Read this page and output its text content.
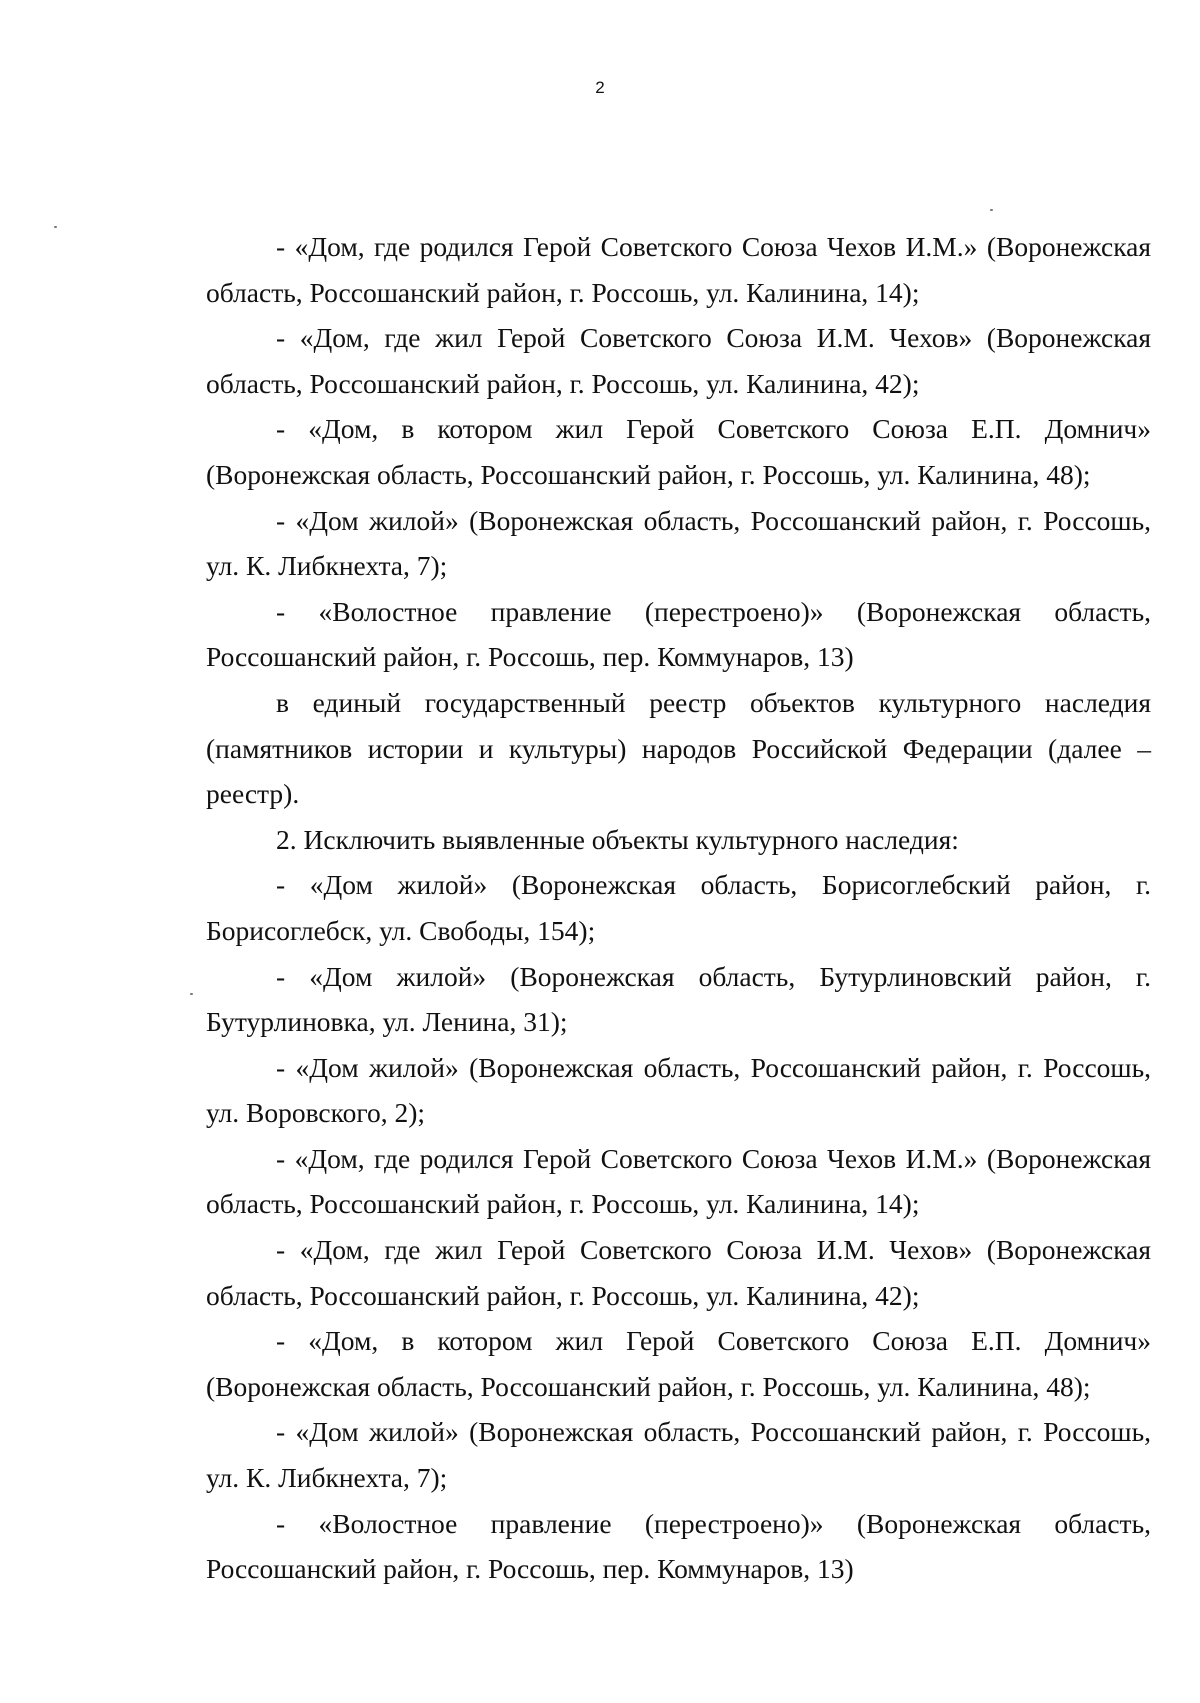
2

- «Дом, где родился Герой Советского Союза Чехов И.М.» (Воронежская область, Россошанский район, г. Россошь, ул. Калинина, 14);

- «Дом, где жил Герой Советского Союза И.М. Чехов» (Воронежская область, Россошанский район, г. Россошь, ул. Калинина, 42);

- «Дом, в котором жил Герой Советского Союза Е.П. Домнич» (Воронежская область, Россошанский район, г. Россошь, ул. Калинина, 48);

- «Дом жилой» (Воронежская область, Россошанский район, г. Россошь, ул. К. Либкнехта, 7);

- «Волостное правление (перестроено)» (Воронежская область, Россошанский район, г. Россошь, пер. Коммунаров, 13)

в единый государственный реестр объектов культурного наследия (памятников истории и культуры) народов Российской Федерации (далее – реестр).

2. Исключить выявленные объекты культурного наследия:

- «Дом жилой» (Воронежская область, Борисоглебский район, г. Борисоглебск, ул. Свободы, 154);

- «Дом жилой» (Воронежская область, Бутурлиновский район, г. Бутурлиновка, ул. Ленина, 31);

- «Дом жилой» (Воронежская область, Россошанский район, г. Россошь, ул. Воровского, 2);

- «Дом, где родился Герой Советского Союза Чехов И.М.» (Воронежская область, Россошанский район, г. Россошь, ул. Калинина, 14);

- «Дом, где жил Герой Советского Союза И.М. Чехов» (Воронежская область, Россошанский район, г. Россошь, ул. Калинина, 42);

- «Дом, в котором жил Герой Советского Союза Е.П. Домнич» (Воронежская область, Россошанский район, г. Россошь, ул. Калинина, 48);

- «Дом жилой» (Воронежская область, Россошанский район, г. Россошь, ул. К. Либкнехта, 7);

- «Волостное правление (перестроено)» (Воронежская область, Россошанский район, г. Россошь, пер. Коммунаров, 13)
